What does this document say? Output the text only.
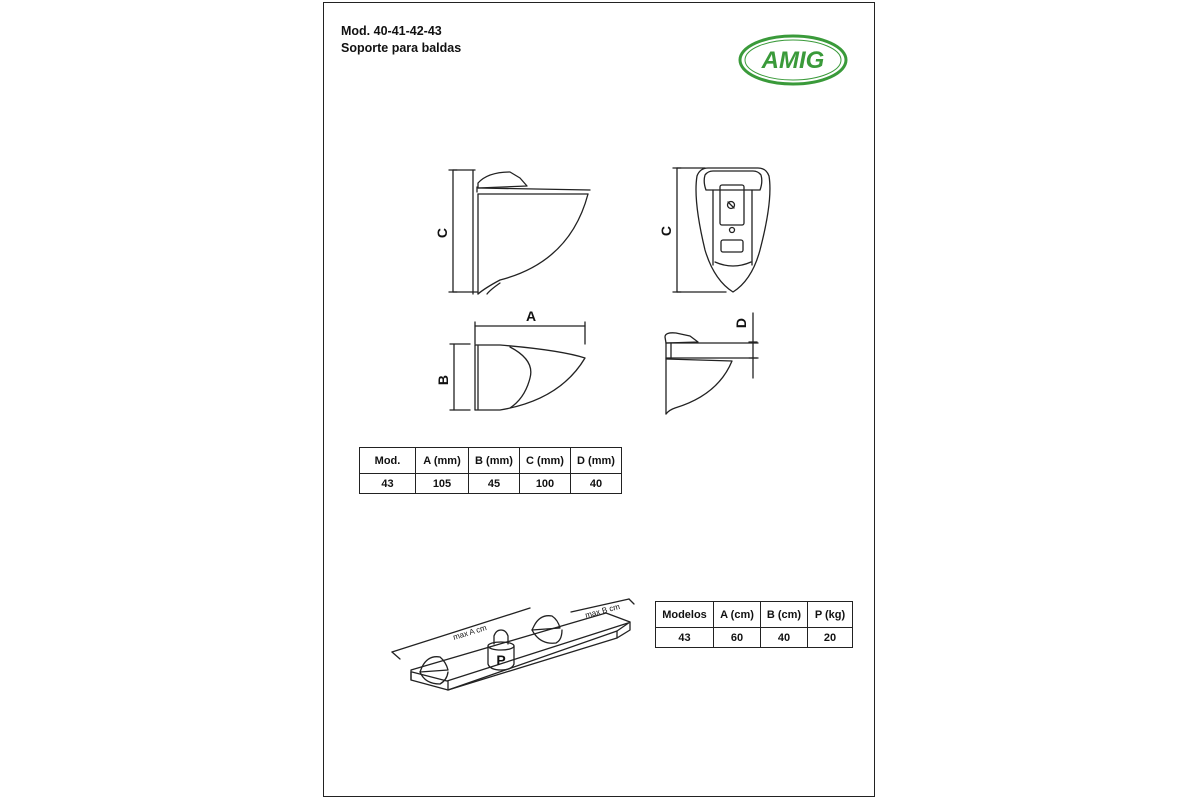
Mod. 40-41-42-43
Soporte para baldas	AMIG
C	C
A
B
D
max A cm
max B cm
P
Mod.	A (mm)	B (mm)	C (mm)	D (mm)
43	105	45	100	40
Modelos	A (cm)	B (cm)	P (kg)
43	60	40	20
